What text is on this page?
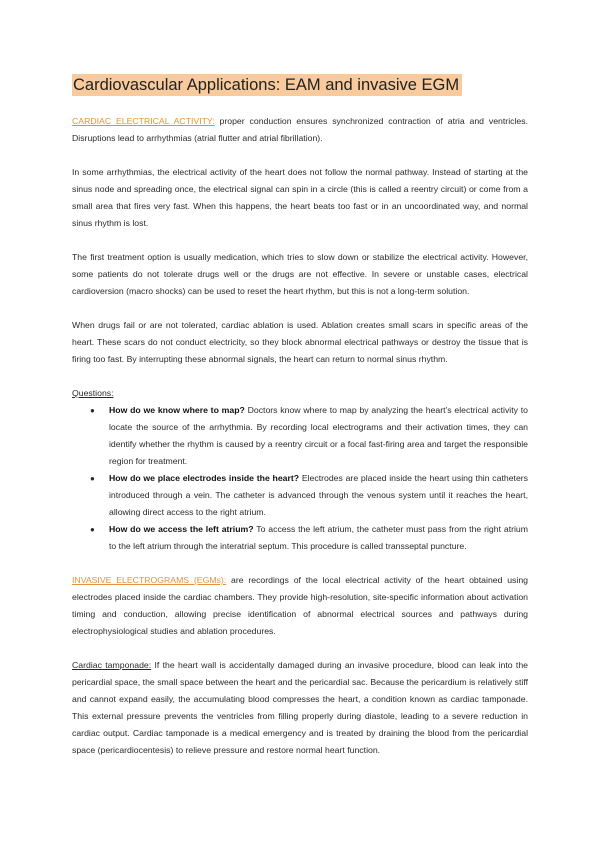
Cardiovascular Applications: EAM and invasive EGM

CARDIAC ELECTRICAL ACTIVITY: proper conduction ensures synchronized contraction of atria and ventricles. Disruptions lead to arrhythmias (atrial flutter and atrial fibrillation).

In some arrhythmias, the electrical activity of the heart does not follow the normal pathway. Instead of starting at the sinus node and spreading once, the electrical signal can spin in a circle (this is called a reentry circuit) or come from a small area that fires very fast. When this happens, the heart beats too fast or in an uncoordinated way, and normal sinus rhythm is lost.

The first treatment option is usually medication, which tries to slow down or stabilize the electrical activity. However, some patients do not tolerate drugs well or the drugs are not effective. In severe or unstable cases, electrical cardioversion (macro shocks) can be used to reset the heart rhythm, but this is not a long-term solution.

When drugs fail or are not tolerated, cardiac ablation is used. Ablation creates small scars in specific areas of the heart. These scars do not conduct electricity, so they block abnormal electrical pathways or destroy the tissue that is firing too fast. By interrupting these abnormal signals, the heart can return to normal sinus rhythm.

Questions:

● How do we know where to map? Doctors know where to map by analyzing the heart’s electrical activity to locate the source of the arrhythmia. By recording local electrograms and their activation times, they can identify whether the rhythm is caused by a reentry circuit or a focal fast-firing area and target the responsible region for treatment.
● How do we place electrodes inside the heart? Electrodes are placed inside the heart using thin catheters introduced through a vein. The catheter is advanced through the venous system until it reaches the heart, allowing direct access to the right atrium.
● How do we access the left atrium? To access the left atrium, the catheter must pass from the right atrium to the left atrium through the interatrial septum. This procedure is called transseptal puncture.

INVASIVE ELECTROGRAMS (EGMs): are recordings of the local electrical activity of the heart obtained using electrodes placed inside the cardiac chambers. They provide high-resolution, site-specific information about activation timing and conduction, allowing precise identification of abnormal electrical sources and pathways during electrophysiological studies and ablation procedures.

Cardiac tamponade: If the heart wall is accidentally damaged during an invasive procedure, blood can leak into the pericardial space, the small space between the heart and the pericardial sac. Because the pericardium is relatively stiff and cannot expand easily, the accumulating blood compresses the heart, a condition known as cardiac tamponade. This external pressure prevents the ventricles from filling properly during diastole, leading to a severe reduction in cardiac output. Cardiac tamponade is a medical emergency and is treated by draining the blood from the pericardial space (pericardiocentesis) to relieve pressure and restore normal heart function.
